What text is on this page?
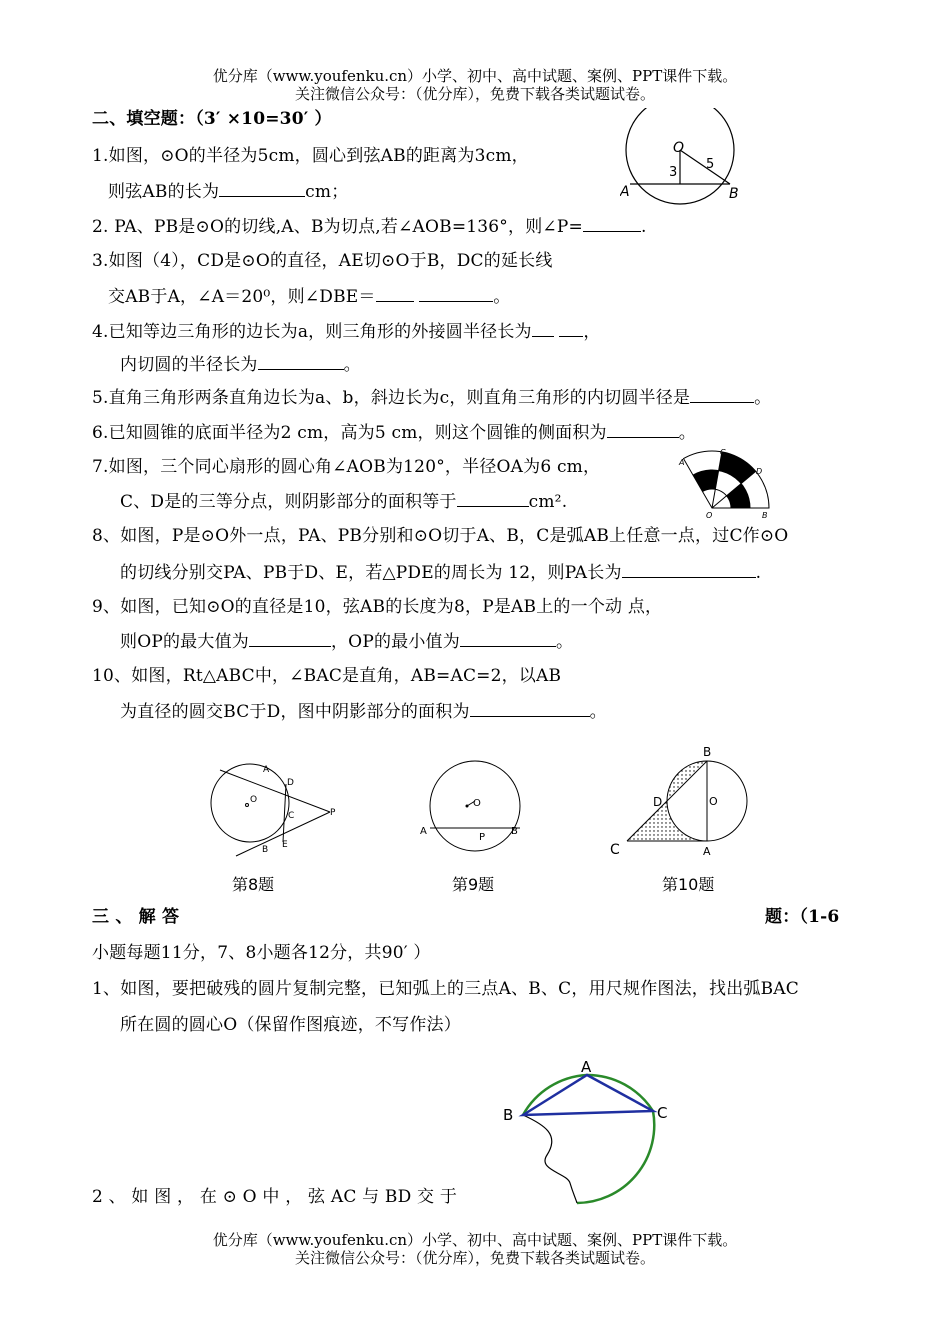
优分库（www.youfenku.cn）小学、初中、高中试题、案例、PPT课件下载。
关注微信公众号：（优分库），免费下载各类试题试卷。
二、填空题：（3′ ×10=30′ ）
1.如图，⊙O的半径为5cm，圆心到弦AB的距离为3cm，
则弦AB的长为	cm；
2. PA、PB是⊙O的切线,A、B为切点,若∠AOB=136°，则∠P=	.
3.如图（4），CD是⊙O的直径，AE切⊙O于B，DC的延长线
交AB于A，∠A＝20⁰，则∠DBE＝	。
4.已知等边三角形的边长为a，则三角形的外接圆半径长为	，
内切圆的半径长为	。
5.直角三角形两条直角边长为a、b，斜边长为c，则直角三角形的内切圆半径是	。
6.已知圆锥的底面半径为2 cm，高为5 cm，则这个圆锥的侧面积为	。
7.如图，三个同心扇形的圆心角∠AOB为120°，半径OA为6 cm，
C、D是的三等分点，则阴影部分的面积等于	cm².
8、如图，P是⊙O外一点，PA、PB分别和⊙O切于A、B，C是弧AB上任意一点，过C作⊙O
的切线分别交PA、PB于D、E，若△PDE的周长为 12，则PA长为	.
9、如图，已知⊙O的直径是10，弦AB的长度为8，P是AB上的一个动 点，
则OP的最大值为	，OP的最小值为	。
10、如图，Rt△ABC中，∠BAC是直角，AB=AC=2，以AB
为直径的圆交BC于D，图中阴影部分的面积为	。
O
A	B
3
5
A
C
D
O	B
A
D
O
C	P
B E
第8题
O
A
P
B
第9题
B
D	O
C	A
第10题
三 、 解 答	题：（1-6
小题每题11分，7、8小题各12分，共90′ ）
1、如图，要把破残的圆片复制完整，已知弧上的三点A、B、C，用尺规作图法，找出弧BAC
所在圆的圆心O（保留作图痕迹，不写作法）
A
B	C
2 、 如 图 ， 在 ⊙ O 中 ， 弦 AC 与 BD 交 于
优分库（www.youfenku.cn）小学、初中、高中试题、案例、PPT课件下载。
关注微信公众号：（优分库），免费下载各类试题试卷。
